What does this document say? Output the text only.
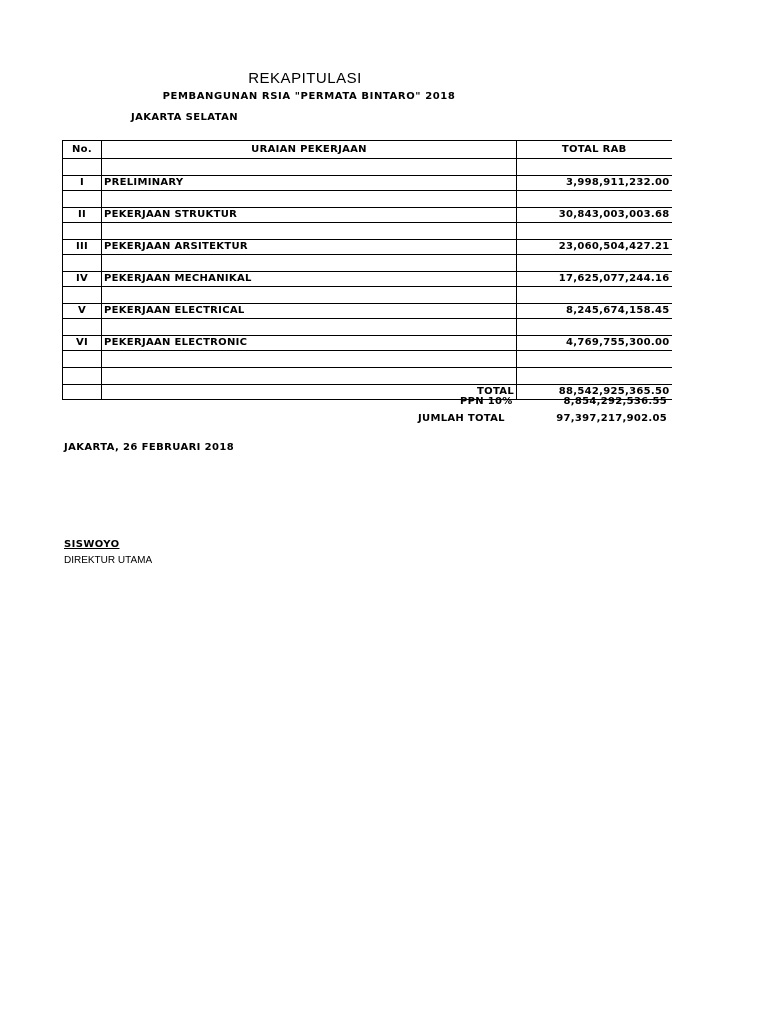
REKAPITULASI
PEMBANGUNAN RSIA "PERMATA BINTARO" 2018
JAKARTA SELATAN
No.	URAIAN PEKERJAAN	TOTAL RAB

I	PRELIMINARY	3,998,911,232.00

II	PEKERJAAN STRUKTUR	30,843,003,003.68

III	PEKERJAAN ARSITEKTUR	23,060,504,427.21

IV	PEKERJAAN MECHANIKAL	17,625,077,244.16

V	PEKERJAAN ELECTRICAL	8,245,674,158.45

VI	PEKERJAAN ELECTRONIC	4,769,755,300.00

	TOTAL	88,542,925,365.50
PPN 10%	8,854,292,536.55
JUMLAH TOTAL	97,397,217,902.05
JAKARTA, 26 FEBRUARI 2018
SISWOYO
DIREKTUR UTAMA
